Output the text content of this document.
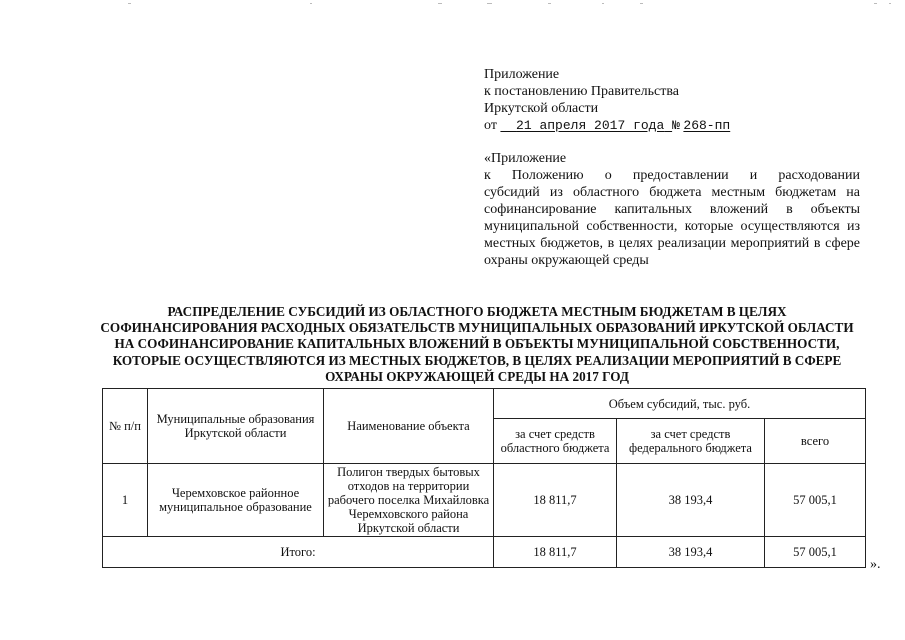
Приложение
к постановлению Правительства
Иркутской области
от 21 апреля 2017 года № 268-пп
«Приложение
к Положению о предоставлении и расходовании
субсидий из областного бюджета местным бюджетам на софинансирование капитальных вложений в объекты муниципальной собственности, которые осуществляются из местных бюджетов, в целях реализации мероприятий в сфере охраны окружающей среды
РАСПРЕДЕЛЕНИЕ СУБСИДИЙ ИЗ ОБЛАСТНОГО БЮДЖЕТА МЕСТНЫМ БЮДЖЕТАМ В ЦЕЛЯХ СОФИНАНСИРОВАНИЯ РАСХОДНЫХ ОБЯЗАТЕЛЬСТВ МУНИЦИПАЛЬНЫХ ОБРАЗОВАНИЙ ИРКУТСКОЙ ОБЛАСТИ НА СОФИНАНСИРОВАНИЕ КАПИТАЛЬНЫХ ВЛОЖЕНИЙ В ОБЪЕКТЫ МУНИЦИПАЛЬНОЙ СОБСТВЕННОСТИ, КОТОРЫЕ ОСУЩЕСТВЛЯЮТСЯ ИЗ МЕСТНЫХ БЮДЖЕТОВ, В ЦЕЛЯХ РЕАЛИЗАЦИИ МЕРОПРИЯТИЙ В СФЕРЕ ОХРАНЫ ОКРУЖАЮЩЕЙ СРЕДЫ НА 2017 ГОД
№ п/п	Муниципальные образования Иркутской области	Наименование объекта	Объем субсидий, тыс. руб.		
			за счет средств областного бюджета	за счет средств федерального бюджета	всего
1	Черемховское районное муниципальное образование	Полигон твердых бытовых отходов на территории рабочего поселка Михайловка Черемховского района Иркутской области	18 811,7	38 193,4	57 005,1
Итого:			18 811,7	38 193,4	57 005,1
».
